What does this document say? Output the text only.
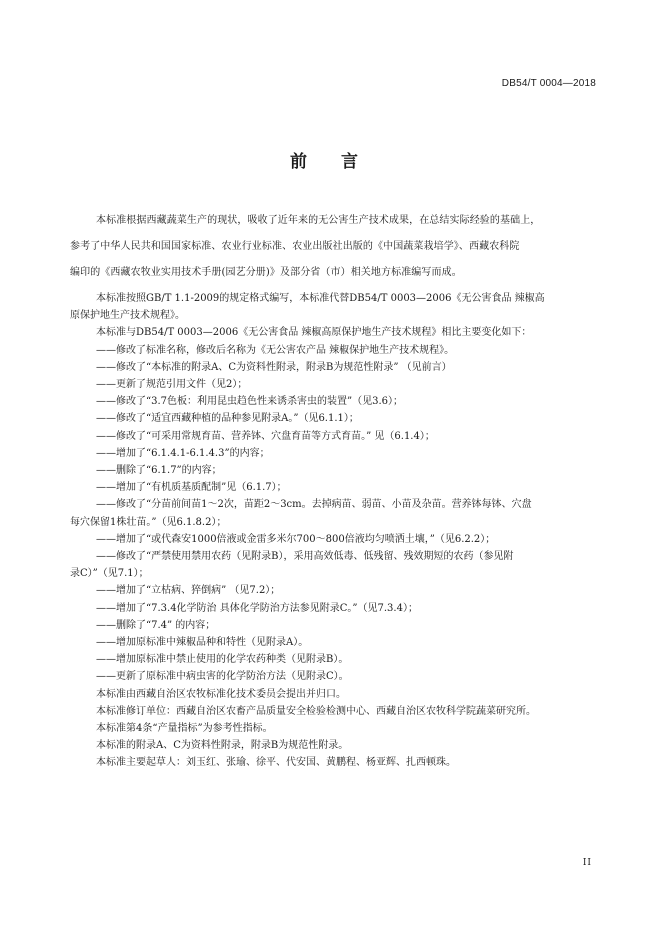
DB54/T 0004—2018
前 言

本标准根据西藏蔬菜生产的现状，吸收了近年来的无公害生产技术成果，在总结实际经验的基础上，

参考了中华人民共和国国家标准、农业行业标准、农业出版社出版的《中国蔬菜栽培学》、西藏农科院

编印的《西藏农牧业实用技术手册(园艺分册)》及部分省（市）相关地方标准编写而成。

本标准按照GB/T 1.1-2009的规定格式编写，本标准代替DB54/T 0003—2006《无公害食品 辣椒高

原保护地生产技术规程》。

本标准与DB54/T 0003—2006《无公害食品 辣椒高原保护地生产技术规程》相比主要变化如下：

——修改了标准名称，修改后名称为《无公害农产品 辣椒保护地生产技术规程》。

——修改了“本标准的附录A、C为资料性附录，附录B为规范性附录” （见前言）

——更新了规范引用文件（见2）；

——修改了“3.7色板：利用昆虫趋色性来诱杀害虫的装置”（见3.6）；

——修改了“适宜西藏种植的品种参见附录A。”（见6.1.1）；

——修改了“可采用常规育苗、营养钵、穴盘育苗等方式育苗。” 见（6.1.4）；

——增加了“6.1.4.1-6.1.4.3”的内容；

——删除了“6.1.7”的内容；

——增加了“有机质基质配制”见（6.1.7）；

——修改了“分苗前间苗1～2次，苗距2～3cm。去掉病苗、弱苗、小苗及杂苗。营养钵每钵、穴盘

每穴保留1株壮苗。”（见6.1.8.2）；

——增加了“或代森安1000倍液或金雷多米尔700～800倍液均匀喷洒土壤，”（见6.2.2）；

——修改了“严禁使用禁用农药（见附录B），采用高效低毒、低残留、残效期短的农药（参见附

录C）”（见7.1）；

——增加了“立枯病、猝倒病” （见7.2）；

——增加了“7.3.4化学防治 具体化学防治方法参见附录C。”（见7.3.4）；

——删除了“7.4” 的内容；

——增加原标准中辣椒品种和特性（见附录A）。

——增加原标准中禁止使用的化学农药种类（见附录B）。

——更新了原标准中病虫害的化学防治方法（见附录C）。

本标准由西藏自治区农牧标准化技术委员会提出并归口。

本标准修订单位：西藏自治区农畜产品质量安全检验检测中心、西藏自治区农牧科学院蔬菜研究所。

本标准第4条“产量指标”为参考性指标。

本标准的附录A、C为资料性附录，附录B为规范性附录。

本标准主要起草人：刘玉红、张瑜、徐平、代安国、黄鹏程、杨亚辉、扎西顿珠。

II
